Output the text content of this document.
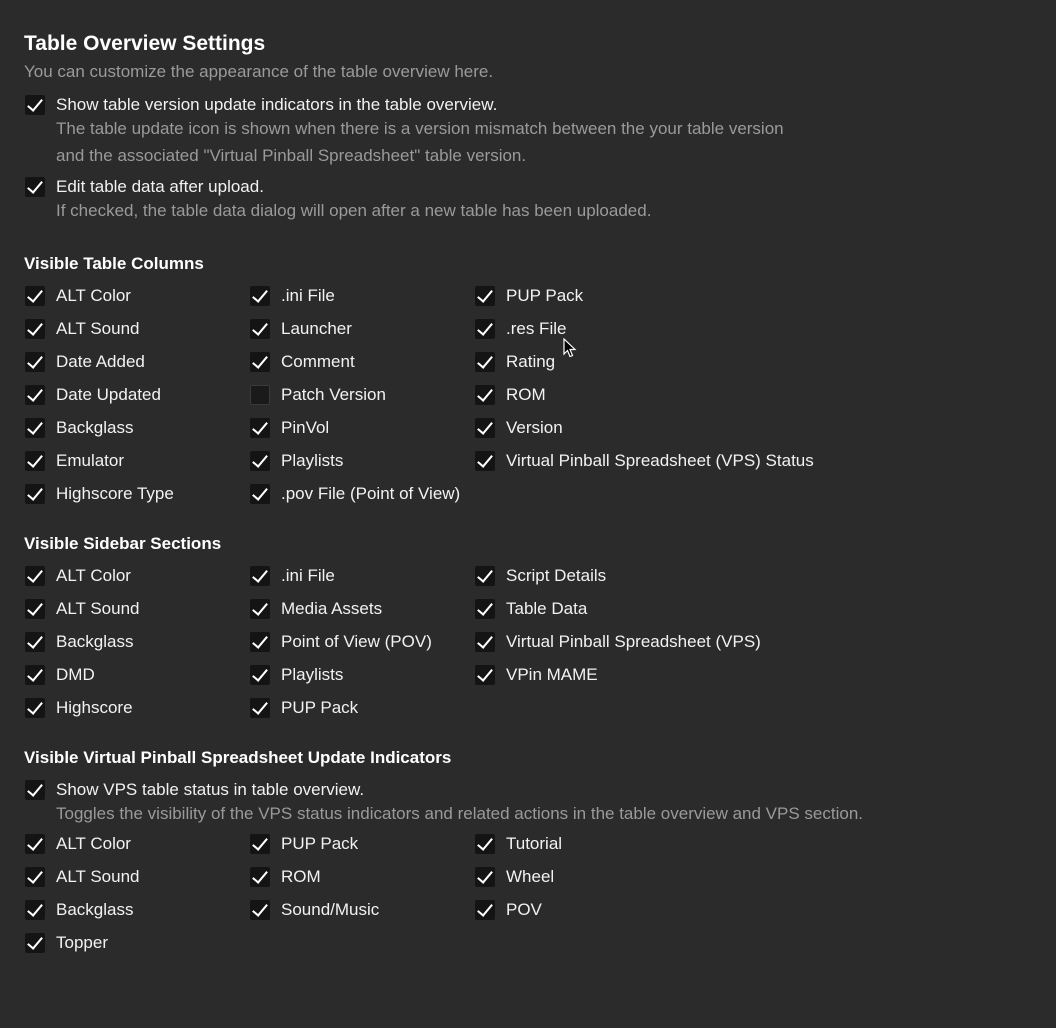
Table Overview Settings
You can customize the appearance of the table overview here.
Show table version update indicators in the table overview.
The table update icon is shown when there is a version mismatch between the your table version
and the associated "Virtual Pinball Spreadsheet" table version.
Edit table data after upload.
If checked, the table data dialog will open after a new table has been uploaded.
Visible Table Columns
ALT Color	.ini File	PUP Pack
ALT Sound	Launcher	.res File
Date Added	Comment	Rating
Date Updated	Patch Version	ROM
Backglass	PinVol	Version
Emulator	Playlists	Virtual Pinball Spreadsheet (VPS) Status
Highscore Type	.pov File (Point of View)
Visible Sidebar Sections
ALT Color	.ini File	Script Details
ALT Sound	Media Assets	Table Data
Backglass	Point of View (POV)	Virtual Pinball Spreadsheet (VPS)
DMD	Playlists	VPin MAME
Highscore	PUP Pack
Visible Virtual Pinball Spreadsheet Update Indicators
Show VPS table status in table overview.
Toggles the visibility of the VPS status indicators and related actions in the table overview and VPS section.
ALT Color	PUP Pack	Tutorial
ALT Sound	ROM	Wheel
Backglass	Sound/Music	POV
Topper
